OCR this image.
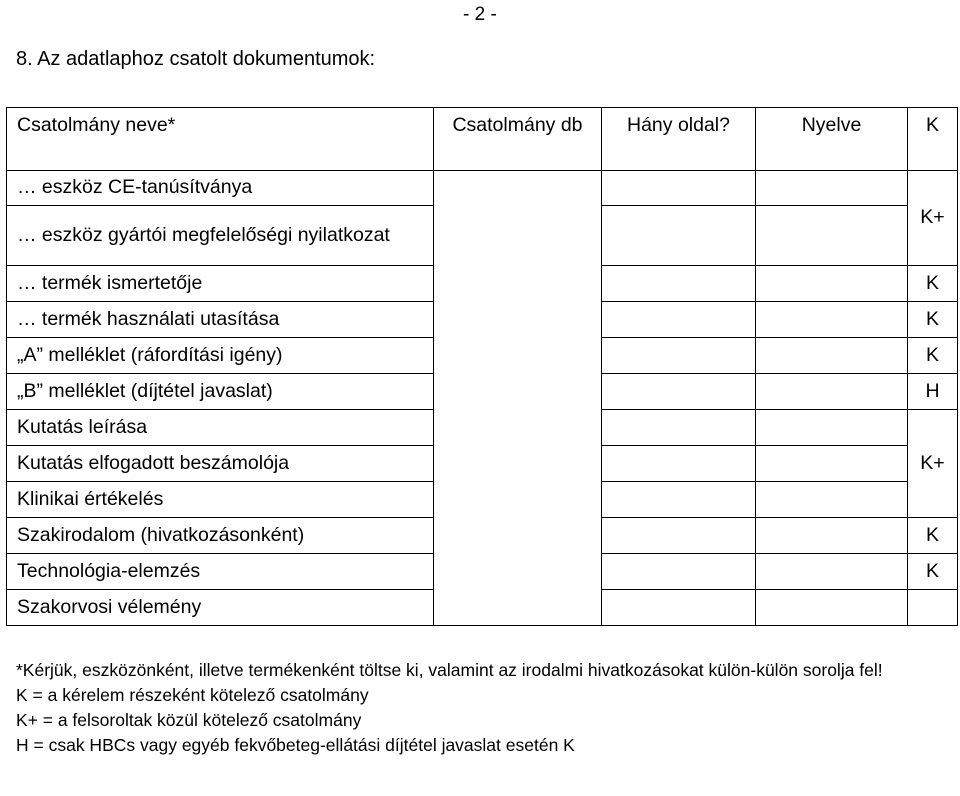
- 2 -
8. Az adatlaphoz csatolt dokumentumok:
Csatolmány neve*	Csatolmány db	Hány oldal?	Nyelve	K
… eszköz CE-tanúsítványa				K+
… eszköz gyártói megfelelőségi nyilatkozat				
… termék ismertetője				K
… termék használati utasítása				K
„A” melléklet (ráfordítási igény)				K
„B” melléklet (díjtétel javaslat)				H
Kutatás leírása				K+
Kutatás elfogadott beszámolója				
Klinikai értékelés				
Szakirodalom (hivatkozásonként)				K
Technológia-elemzés				K
Szakorvosi vélemény				
*Kérjük, eszközönként, illetve termékenként töltse ki, valamint az irodalmi hivatkozásokat külön-külön sorolja fel!
K = a kérelem részeként kötelező csatolmány
K+ = a felsoroltak közül kötelező csatolmány
H = csak HBCs vagy egyéb fekvőbeteg-ellátási díjtétel javaslat esetén K
